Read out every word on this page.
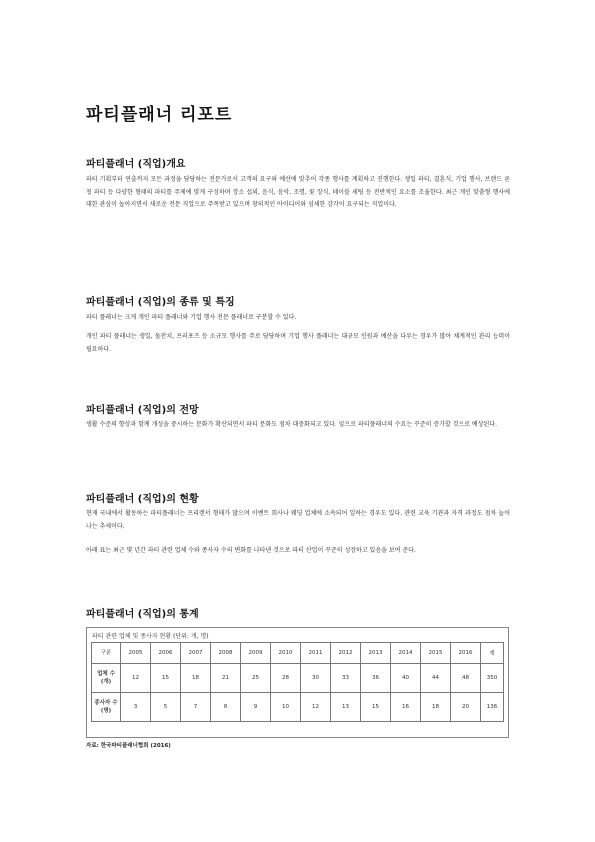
파티플래너 리포트
파티플래너 (직업)개요
파티 기획부터 연출까지 모든 과정을 담당하는 전문가로서 고객의 요구와 예산에 맞추어 각종 행사를 계획하고 진행한다. 생일 파티, 결혼식, 기업 행사, 브랜드 론칭 파티 등 다양한 형태의 파티를 주제에 맞게 구성하며 장소 섭외, 음식, 음악, 조명, 꽃 장식, 테이블 세팅 등 전반적인 요소를 조율한다. 최근 개인 맞춤형 행사에 대한 관심이 높아지면서 새로운 전문 직업으로 주목받고 있으며 창의적인 아이디어와 섬세한 감각이 요구되는 직업이다.
파티플래너 (직업)의 종류 및 특징
파티 플래너는 크게 개인 파티 플래너와 기업 행사 전문 플래너로 구분할 수 있다.
개인 파티 플래너는 생일, 돌잔치, 프러포즈 등 소규모 행사를 주로 담당하며 기업 행사 플래너는 대규모 인원과 예산을 다루는 경우가 많아 체계적인 관리 능력이 필요하다.
파티플래너 (직업)의 전망
생활 수준의 향상과 함께 개성을 중시하는 문화가 확산되면서 파티 문화도 점차 대중화되고 있다. 앞으로 파티플래너의 수요는 꾸준히 증가할 것으로 예상된다.
파티플래너 (직업)의 현황
현재 국내에서 활동하는 파티플래너는 프리랜서 형태가 많으며 이벤트 회사나 웨딩 업체에 소속되어 일하는 경우도 있다. 관련 교육 기관과 자격 과정도 점차 늘어나는 추세이다.
아래 표는 최근 몇 년간 파티 관련 업체 수와 종사자 수의 변화를 나타낸 것으로 파티 산업이 꾸준히 성장하고 있음을 보여 준다.
파티플래너 (직업)의 통계
파티 관련 업체 및 종사자 현황 (단위: 개, 명)
구분	2005	2006	2007	2008	2009	2010	2011	2012	2013	2014	2015	2016	계
업체 수 (개)	12	15	18	21	25	28	30	33	36	40	44	48	350
종사자 수 (명)	3	5	7	8	9	10	12	13	15	16	18	20	136
자료: 한국파티플래너협회 (2016)
